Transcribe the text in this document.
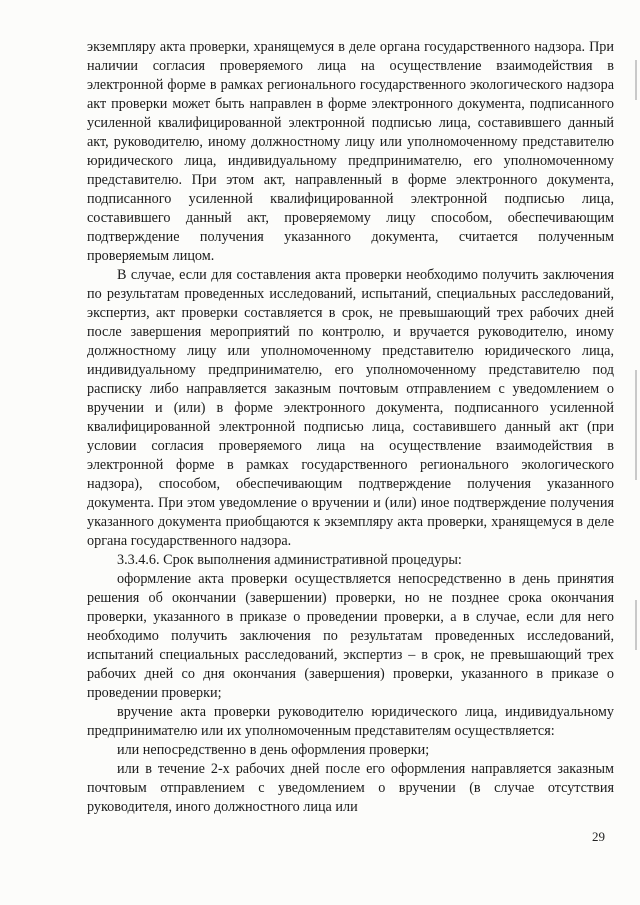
экземпляру акта проверки, хранящемуся в деле органа государственного надзора. При наличии согласия проверяемого лица на осуществление взаимодействия в электронной форме в рамках регионального государственного экологического надзора акт проверки может быть направлен в форме электронного документа, подписанного усиленной квалифицированной электронной подписью лица, составившего данный акт, руководителю, иному должностному лицу или уполномоченному представителю юридического лица, индивидуальному предпринимателю, его уполномоченному представителю. При этом акт, направленный в форме электронного документа, подписанного усиленной квалифицированной электронной подписью лица, составившего данный акт, проверяемому лицу способом, обеспечивающим подтверждение получения указанного документа, считается полученным проверяемым лицом.

В случае, если для составления акта проверки необходимо получить заключения по результатам проведенных исследований, испытаний, специальных расследований, экспертиз, акт проверки составляется в срок, не превышающий трех рабочих дней после завершения мероприятий по контролю, и вручается руководителю, иному должностному лицу или уполномоченному представителю юридического лица, индивидуальному предпринимателю, его уполномоченному представителю под расписку либо направляется заказным почтовым отправлением с уведомлением о вручении и (или) в форме электронного документа, подписанного усиленной квалифицированной электронной подписью лица, составившего данный акт (при условии согласия проверяемого лица на осуществление взаимодействия в электронной форме в рамках государственного регионального экологического надзора), способом, обеспечивающим подтверждение получения указанного документа. При этом уведомление о вручении и (или) иное подтверждение получения указанного документа приобщаются к экземпляру акта проверки, хранящемуся в деле органа государственного надзора.

3.3.4.6. Срок выполнения административной процедуры:

оформление акта проверки осуществляется непосредственно в день принятия решения об окончании (завершении) проверки, но не позднее срока окончания проверки, указанного в приказе о проведении проверки, а в случае, если для него необходимо получить заключения по результатам проведенных исследований, испытаний специальных расследований, экспертиз – в срок, не превышающий трех рабочих дней со дня окончания (завершения) проверки, указанного в приказе о проведении проверки;

вручение акта проверки руководителю юридического лица, индивидуальному предпринимателю или их уполномоченным представителям осуществляется:

или непосредственно в день оформления проверки;

или в течение 2-х рабочих дней после его оформления направляется заказным почтовым отправлением с уведомлением о вручении (в случае отсутствия руководителя, иного должностного лица или

29
